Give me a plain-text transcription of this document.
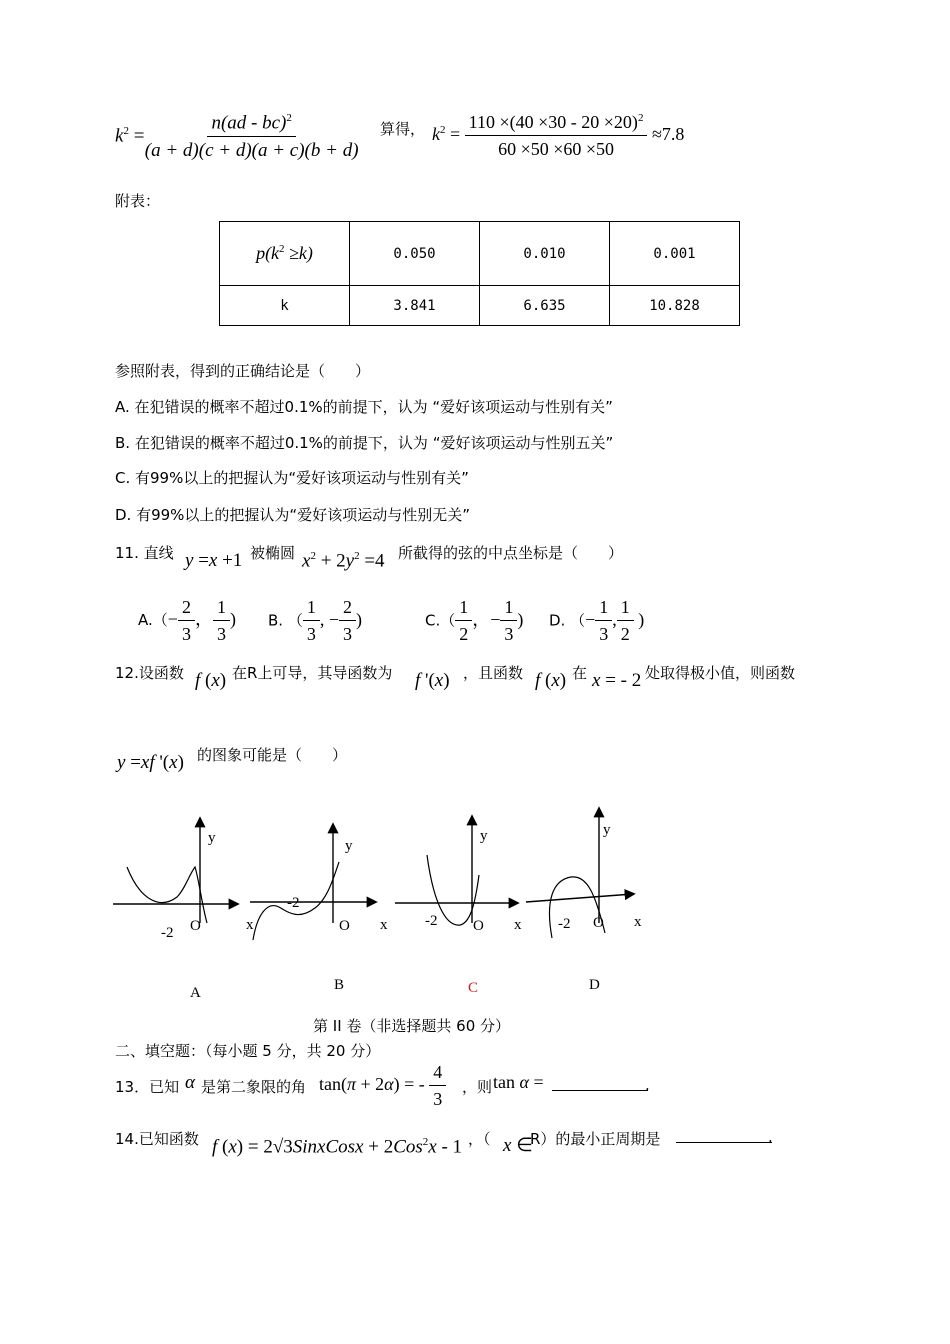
$k^2 = \frac{n(ad - bc)^2}{(a + d)(c + d)(a + c)(b + d)}$	算得， $k^2 = \frac{110 \times(40 \times 30 - 20 \times 20)^2}{60 \times 50 \times 60 \times 50} \approx 7.8$
附表：
$p(k^2 \ge k)$	0.050	0.010	0.001
k	3.841	6.635	10.828
参照附表，得到的正确结论是（　　）
A. 在犯错误的概率不超过0.1%的前提下，认为 “爱好该项运动与性别有关”
B. 在犯错误的概率不超过0.1%的前提下，认为 “爱好该项运动与性别五关”
C. 有99%以上的把握认为“爱好该项运动与性别有关”
D. 有99%以上的把握认为“爱好该项运动与性别无关”
11. 直线 y =x +1 被椭圆 $x^2 + 2y^2 =4$ 所截得的弦的中点坐标是（　　）
$A.(- \frac{2}{3}$ ， $\frac{1}{3}$ ) B. （ $\frac{1}{3}$ , − $\frac{2}{3}$ )	$C.( \frac{1}{2}$ ，− $\frac{1}{3}$ ) D. （− $\frac{1}{3}$ , $\frac{1}{2}$ )
12.设函数 f (x) 在R上可导，其导函数为 f '(x) ，且函数 f (x) 在 x = - 2 处取得极小值，则函数
y =xf '(x) 的图象可能是（　　）
y
-2 O
A
y
x
-2
O x
B
y
-2 O x
C
y
-2 O x
D
第 II 卷（非选择题共 60 分）
二、填空题：（每小题 5 分，共 20 分）
13．已知 α 是第二象限的角 tan(π + 2α) = - $\frac{4}{3}$ ，则 tan α =	.
14.已知函数 f (x) = 2√3SinxCosx + 2Cos$^2$x - 1 ，（ x ∈
R）的最小正周期是	.
